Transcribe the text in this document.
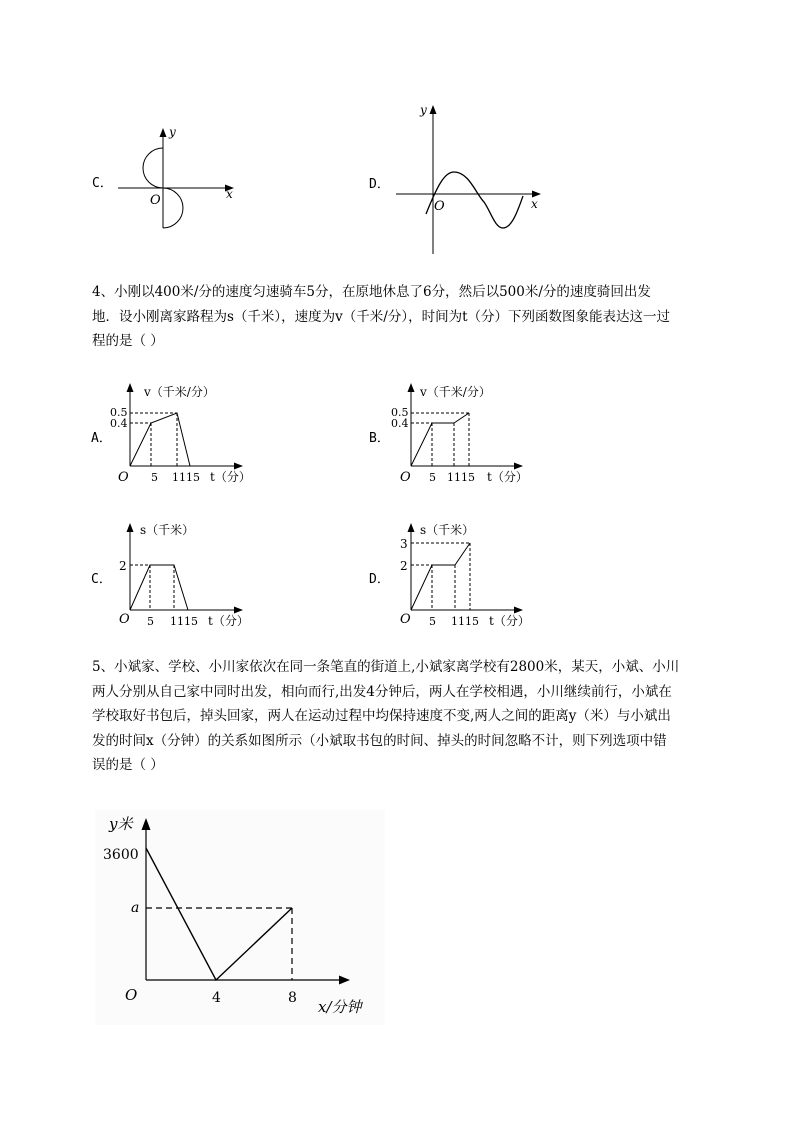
C．
O	x
y
D．
O	x
y

4、小刚以400米/分的速度匀速骑车5分，在原地休息了6分，然后以500米/分的速度骑回出发

地．设小刚离家路程为s（千米），速度为v（千米/分），时间为t（分）下列函数图象能表达这一过

程的是（ ）

A．
O
0.5
0.4
5 1115 t（分）
v（千米/分）
B．
O
0.5
0.4
5 1115 t（分）
v（千米/分）
C．
O
2
5 1115 t（分）
s（千米）
D．
O
3
2
5 1115 t（分）
s（千米）

5、小斌家、学校、小川家依次在同一条笔直的街道上,小斌家离学校有2800米，某天，小斌、小川

两人分别从自己家中同时出发，相向而行,出发4分钟后，两人在学校相遇，小川继续前行，小斌在

学校取好书包后，掉头回家，两人在运动过程中均保持速度不变,两人之间的距离y（米）与小斌出

发的时间x（分钟）的关系如图所示（小斌取书包的时间、掉头的时间忽略不计，则下列选项中错

误的是（ ）

y米
3600
a
O	4	8 x/分钟
